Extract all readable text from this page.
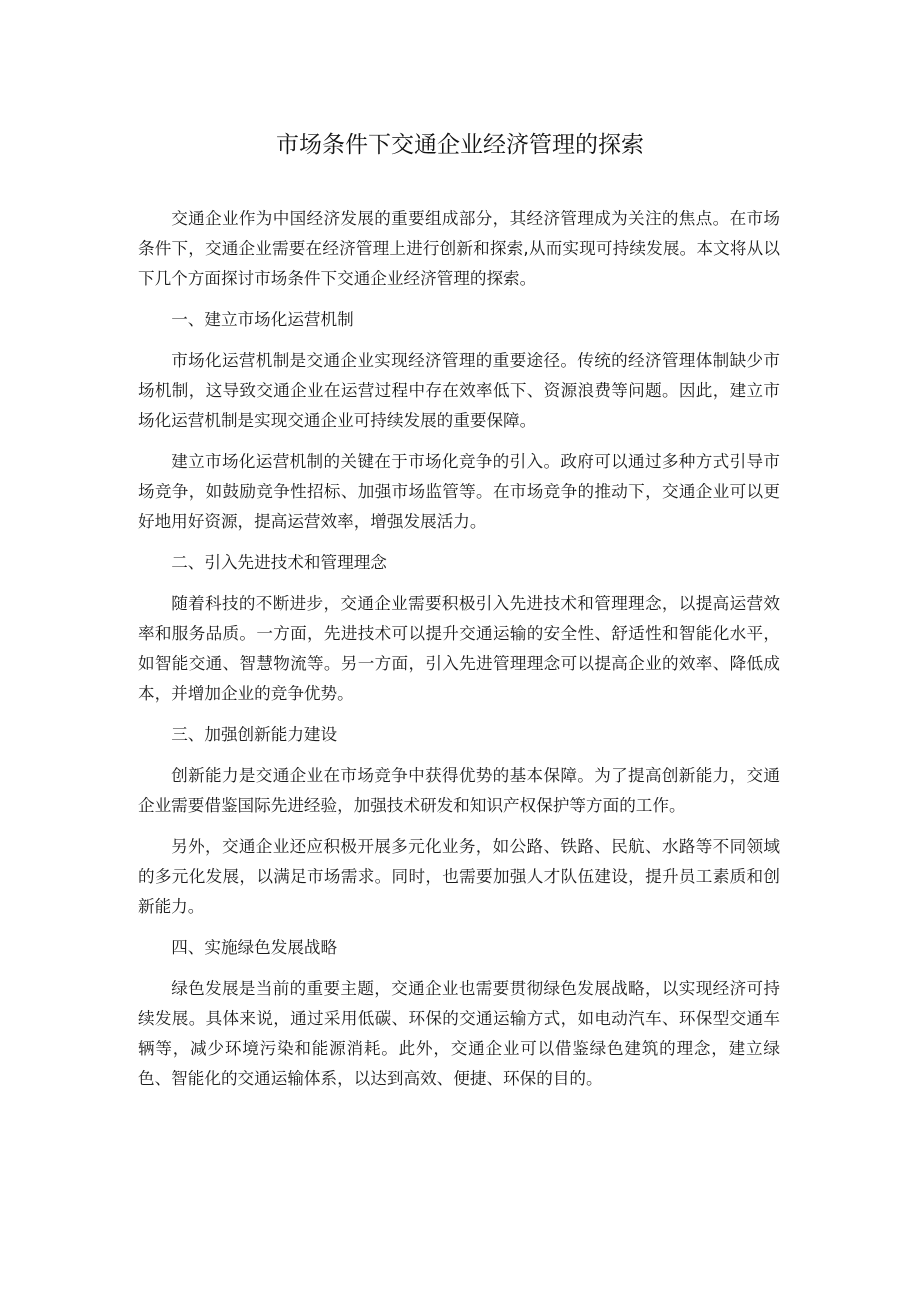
市场条件下交通企业经济管理的探索

交通企业作为中国经济发展的重要组成部分，其经济管理成为关注的焦点。在市场条件下，交通企业需要在经济管理上进行创新和探索,从而实现可持续发展。本文将从以下几个方面探讨市场条件下交通企业经济管理的探索。

一、建立市场化运营机制

市场化运营机制是交通企业实现经济管理的重要途径。传统的经济管理体制缺少市场机制，这导致交通企业在运营过程中存在效率低下、资源浪费等问题。因此，建立市场化运营机制是实现交通企业可持续发展的重要保障。

建立市场化运营机制的关键在于市场化竞争的引入。政府可以通过多种方式引导市场竞争，如鼓励竞争性招标、加强市场监管等。在市场竞争的推动下，交通企业可以更好地用好资源，提高运营效率，增强发展活力。

二、引入先进技术和管理理念

随着科技的不断进步，交通企业需要积极引入先进技术和管理理念，以提高运营效率和服务品质。一方面，先进技术可以提升交通运输的安全性、舒适性和智能化水平，如智能交通、智慧物流等。另一方面，引入先进管理理念可以提高企业的效率、降低成本，并增加企业的竞争优势。

三、加强创新能力建设

创新能力是交通企业在市场竞争中获得优势的基本保障。为了提高创新能力，交通企业需要借鉴国际先进经验，加强技术研发和知识产权保护等方面的工作。

另外，交通企业还应积极开展多元化业务，如公路、铁路、民航、水路等不同领域的多元化发展，以满足市场需求。同时，也需要加强人才队伍建设，提升员工素质和创新能力。

四、实施绿色发展战略

绿色发展是当前的重要主题，交通企业也需要贯彻绿色发展战略，以实现经济可持续发展。具体来说，通过采用低碳、环保的交通运输方式，如电动汽车、环保型交通车辆等，减少环境污染和能源消耗。此外，交通企业可以借鉴绿色建筑的理念，建立绿色、智能化的交通运输体系，以达到高效、便捷、环保的目的。
